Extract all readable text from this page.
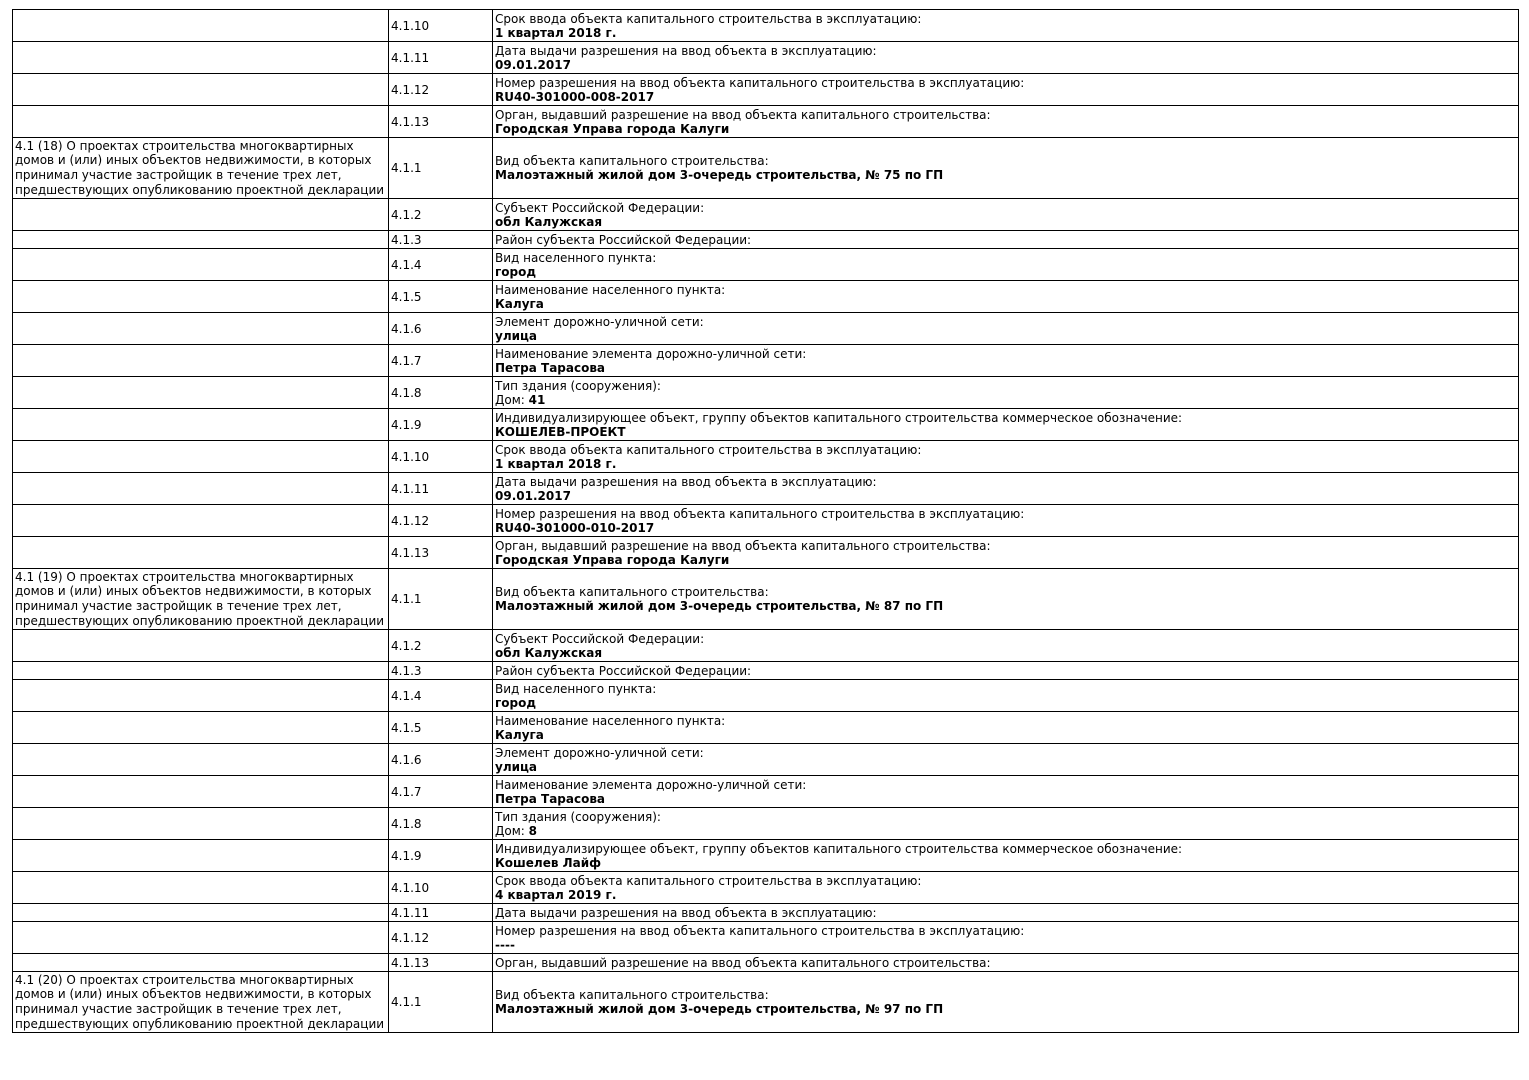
	4.1.10	Срок ввода объекта капитального строительства в эксплуатацию:
1 квартал 2018 г.

	4.1.11	Дата выдачи разрешения на ввод объекта в эксплуатацию:
09.01.2017

	4.1.12	Номер разрешения на ввод объекта капитального строительства в эксплуатацию:
RU40-301000-008-2017

	4.1.13	Орган, выдавший разрешение на ввод объекта капитального строительства:
Городская Управа города Калуги

4.1 (18) О проектах строительства многоквартирных домов и (или) иных объектов недвижимости, в которых принимал участие застройщик в течение трех лет, предшествующих опубликованию проектной декларации	4.1.1	Вид объекта капитального строительства:
Малоэтажный жилой дом 3-очередь строительства, № 75 по ГП

	4.1.2	Субъект Российской Федерации:
обл Калужская

	4.1.3	Район субъекта Российской Федерации:

	4.1.4	Вид населенного пункта:
город

	4.1.5	Наименование населенного пункта:
Калуга

	4.1.6	Элемент дорожно-уличной сети:
улица

	4.1.7	Наименование элемента дорожно-уличной сети:
Петра Тарасова

	4.1.8	Тип здания (сооружения):
Дом: 41

	4.1.9	Индивидуализирующее объект, группу объектов капитального строительства коммерческое обозначение:
КОШЕЛЕВ-ПРОЕКТ

	4.1.10	Срок ввода объекта капитального строительства в эксплуатацию:
1 квартал 2018 г.

	4.1.11	Дата выдачи разрешения на ввод объекта в эксплуатацию:
09.01.2017

	4.1.12	Номер разрешения на ввод объекта капитального строительства в эксплуатацию:
RU40-301000-010-2017

	4.1.13	Орган, выдавший разрешение на ввод объекта капитального строительства:
Городская Управа города Калуги

4.1 (19) О проектах строительства многоквартирных домов и (или) иных объектов недвижимости, в которых принимал участие застройщик в течение трех лет, предшествующих опубликованию проектной декларации	4.1.1	Вид объекта капитального строительства:
Малоэтажный жилой дом 3-очередь строительства, № 87 по ГП

	4.1.2	Субъект Российской Федерации:
обл Калужская

	4.1.3	Район субъекта Российской Федерации:

	4.1.4	Вид населенного пункта:
город

	4.1.5	Наименование населенного пункта:
Калуга

	4.1.6	Элемент дорожно-уличной сети:
улица

	4.1.7	Наименование элемента дорожно-уличной сети:
Петра Тарасова

	4.1.8	Тип здания (сооружения):
Дом: 8

	4.1.9	Индивидуализирующее объект, группу объектов капитального строительства коммерческое обозначение:
Кошелев Лайф

	4.1.10	Срок ввода объекта капитального строительства в эксплуатацию:
4 квартал 2019 г.

	4.1.11	Дата выдачи разрешения на ввод объекта в эксплуатацию:

	4.1.12	Номер разрешения на ввод объекта капитального строительства в эксплуатацию:
----

	4.1.13	Орган, выдавший разрешение на ввод объекта капитального строительства:

4.1 (20) О проектах строительства многоквартирных домов и (или) иных объектов недвижимости, в которых принимал участие застройщик в течение трех лет, предшествующих опубликованию проектной декларации	4.1.1	Вид объекта капитального строительства:
Малоэтажный жилой дом 3-очередь строительства, № 97 по ГП
